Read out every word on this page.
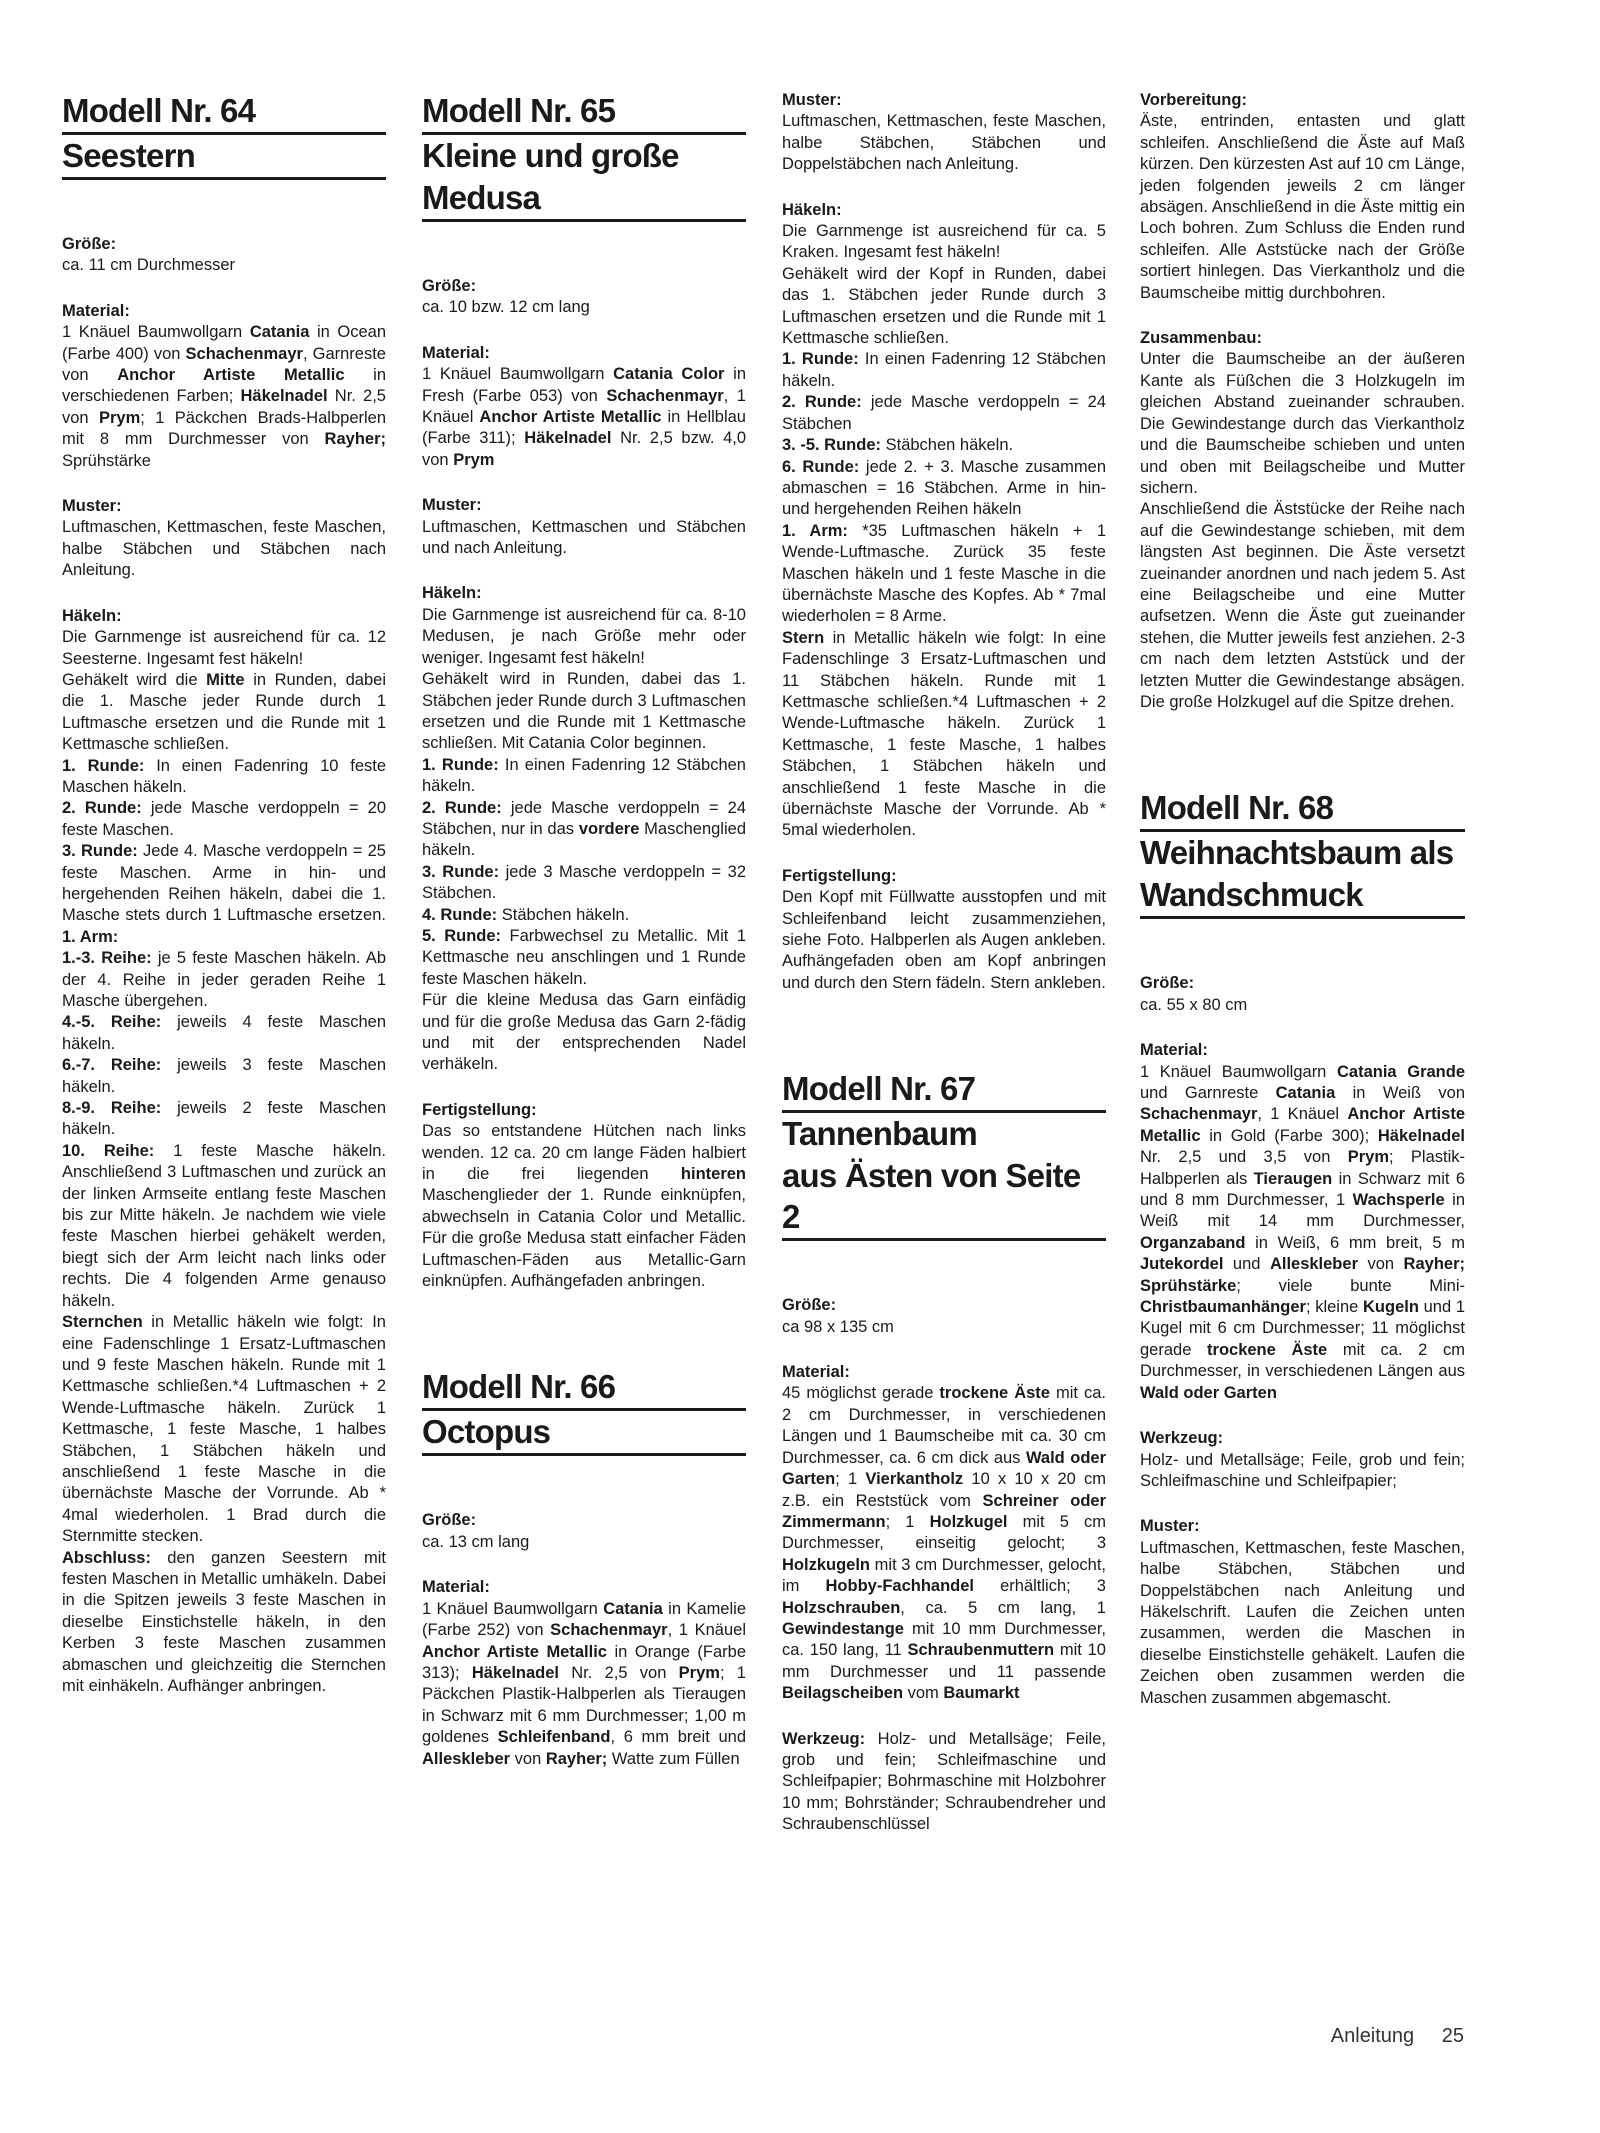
Modell Nr. 64
Seestern

Größe:

ca. 11 cm Durchmesser

Material:

1 Knäuel Baumwollgarn Catania in Ocean (Farbe 400) von Schachenmayr, Garnreste von Anchor Artiste Metallic in verschiedenen Farben; Häkelnadel Nr. 2,5 von Prym; 1 Päckchen Brads-Halbperlen mit 8 mm Durchmesser von Rayher; Sprühstärke

Muster:

Luftmaschen, Kettmaschen, feste Maschen, halbe Stäbchen und Stäbchen nach Anleitung.

Häkeln:

Die Garnmenge ist ausreichend für ca. 12 Seesterne. Ingesamt fest häkeln!
Gehäkelt wird die Mitte in Runden, dabei die 1. Masche jeder Runde durch 1 Luftmasche ersetzen und die Runde mit 1 Kettmasche schließen.
1. Runde: In einen Fadenring 10 feste Maschen häkeln.
2. Runde: jede Masche verdoppeln = 20 feste Maschen.
3. Runde: Jede 4. Masche verdoppeln = 25 feste Maschen. Arme in hin- und hergehenden Reihen häkeln, dabei die 1. Masche stets durch 1 Luftmasche ersetzen. 1. Arm:
1.-3. Reihe: je 5 feste Maschen häkeln. Ab der 4. Reihe in jeder geraden Reihe 1 Masche übergehen.
4.-5. Reihe: jeweils 4 feste Maschen häkeln.
6.-7. Reihe: jeweils 3 feste Maschen häkeln.
8.-9. Reihe: jeweils 2 feste Maschen häkeln.
10. Reihe: 1 feste Masche häkeln. Anschließend 3 Luftmaschen und zurück an der linken Armseite entlang feste Maschen bis zur Mitte häkeln. Je nachdem wie viele feste Maschen hierbei gehäkelt werden, biegt sich der Arm leicht nach links oder rechts. Die 4 folgenden Arme genauso häkeln.
Sternchen in Metallic häkeln wie folgt: In eine Fadenschlinge 1 Ersatz-Luftmaschen und 9 feste Maschen häkeln. Runde mit 1 Kettmasche schließen.*4 Luftmaschen + 2 Wende-Luftmasche häkeln. Zurück 1 Kettmasche, 1 feste Masche, 1 halbes Stäbchen, 1 Stäbchen häkeln und anschließend 1 feste Masche in die übernächste Masche der Vorrunde. Ab * 4mal wiederholen. 1 Brad durch die Sternmitte stecken.
Abschluss: den ganzen Seestern mit festen Maschen in Metallic umhäkeln. Dabei in die Spitzen jeweils 3 feste Maschen in dieselbe Einstichstelle häkeln, in den Kerben 3 feste Maschen zusammen abmaschen und gleichzeitig die Sternchen mit einhäkeln. Aufhänger anbringen.

Modell Nr. 65
Kleine und große
Medusa

Größe:

ca. 10 bzw. 12 cm lang

Material:

1 Knäuel Baumwollgarn Catania Color in Fresh (Farbe 053) von Schachenmayr, 1 Knäuel Anchor Artiste Metallic in Hellblau (Farbe 311); Häkelnadel Nr. 2,5 bzw. 4,0 von Prym

Muster:

Luftmaschen, Kettmaschen und Stäbchen und nach Anleitung.

Häkeln:

Die Garnmenge ist ausreichend für ca. 8-10 Medusen, je nach Größe mehr oder weniger. Ingesamt fest häkeln!
Gehäkelt wird in Runden, dabei das 1. Stäbchen jeder Runde durch 3 Luftmaschen ersetzen und die Runde mit 1 Kettmasche schließen. Mit Catania Color beginnen.
1. Runde: In einen Fadenring 12 Stäbchen häkeln.
2. Runde: jede Masche verdoppeln = 24 Stäbchen, nur in das vordere Maschenglied häkeln.
3. Runde: jede 3 Masche verdoppeln = 32 Stäbchen.
4. Runde: Stäbchen häkeln.
5. Runde: Farbwechsel zu Metallic. Mit 1 Kettmasche neu anschlingen und 1 Runde feste Maschen häkeln.
Für die kleine Medusa das Garn einfädig und für die große Medusa das Garn 2-fädig und mit der entsprechenden Nadel verhäkeln.

Fertigstellung:

Das so entstandene Hütchen nach links wenden. 12 ca. 20 cm lange Fäden halbiert in die frei liegenden hinteren Maschenglieder der 1. Runde einknüpfen, abwechseln in Catania Color und Metallic. Für die große Medusa statt einfacher Fäden Luftmaschen-Fäden aus Metallic-Garn einknüpfen. Aufhängefaden anbringen.

Modell Nr. 66
Octopus

Größe:

ca. 13 cm lang

Material:

1 Knäuel Baumwollgarn Catania in Kamelie (Farbe 252) von Schachenmayr, 1 Knäuel Anchor Artiste Metallic in Orange (Farbe 313); Häkelnadel Nr. 2,5 von Prym; 1 Päckchen Plastik-Halbperlen als Tieraugen in Schwarz mit 6 mm Durchmesser; 1,00 m goldenes Schleifenband, 6 mm breit und Alleskleber von Rayher; Watte zum Füllen

Muster:

Luftmaschen, Kettmaschen, feste Maschen, halbe Stäbchen, Stäbchen und Doppelstäbchen nach Anleitung.

Häkeln:

Die Garnmenge ist ausreichend für ca. 5 Kraken. Ingesamt fest häkeln!
Gehäkelt wird der Kopf in Runden, dabei das 1. Stäbchen jeder Runde durch 3 Luftmaschen ersetzen und die Runde mit 1 Kettmasche schließen.
1. Runde: In einen Fadenring 12 Stäbchen häkeln.
2. Runde: jede Masche verdoppeln = 24 Stäbchen
3. -5. Runde: Stäbchen häkeln.
6. Runde: jede 2. + 3. Masche zusammen abmaschen = 16 Stäbchen. Arme in hin- und hergehenden Reihen häkeln
1. Arm: *35 Luftmaschen häkeln + 1 Wende-Luftmasche. Zurück 35 feste Maschen häkeln und 1 feste Masche in die übernächste Masche des Kopfes. Ab * 7mal wiederholen = 8 Arme.
Stern in Metallic häkeln wie folgt: In eine Fadenschlinge 3 Ersatz-Luftmaschen und 11 Stäbchen häkeln. Runde mit 1 Kettmasche schließen.*4 Luftmaschen + 2 Wende-Luftmasche häkeln. Zurück 1 Kettmasche, 1 feste Masche, 1 halbes Stäbchen, 1 Stäbchen häkeln und anschließend 1 feste Masche in die übernächste Masche der Vorrunde. Ab * 5mal wiederholen.

Fertigstellung:

Den Kopf mit Füllwatte ausstopfen und mit Schleifenband leicht zusammenziehen, siehe Foto. Halbperlen als Augen ankleben. Aufhängefaden oben am Kopf anbringen und durch den Stern fädeln. Stern ankleben.

Modell Nr. 67
Tannenbaum
aus Ästen von Seite 2

Größe:

ca 98 x 135 cm

Material:

45 möglichst gerade trockene Äste mit ca. 2 cm Durchmesser, in verschiedenen Längen und 1 Baumscheibe mit ca. 30 cm Durchmesser, ca. 6 cm dick aus Wald oder Garten; 1 Vierkantholz 10 x 10 x 20 cm z.B. ein Reststück vom Schreiner oder Zimmermann; 1 Holzkugel mit 5 cm Durchmesser, einseitig gelocht; 3 Holzkugeln mit 3 cm Durchmesser, gelocht, im Hobby-Fachhandel erhältlich; 3 Holzschrauben, ca. 5 cm lang, 1 Gewindestange mit 10 mm Durchmesser, ca. 150 lang, 11 Schraubenmuttern mit 10 mm Durchmesser und 11 passende Beilagscheiben vom Baumarkt

Werkzeug: Holz- und Metallsäge; Feile, grob und fein; Schleifmaschine und Schleifpapier; Bohrmaschine mit Holzbohrer 10 mm; Bohrständer; Schraubendreher und Schraubenschlüssel

Vorbereitung:

Äste, entrinden, entasten und glatt schleifen. Anschließend die Äste auf Maß kürzen. Den kürzesten Ast auf 10 cm Länge, jeden folgenden jeweils 2 cm länger absägen. Anschließend in die Äste mittig ein Loch bohren. Zum Schluss die Enden rund schleifen. Alle Aststücke nach der Größe sortiert hinlegen. Das Vierkantholz und die Baumscheibe mittig durchbohren.

Zusammenbau:

Unter die Baumscheibe an der äußeren Kante als Füßchen die 3 Holzkugeln im gleichen Abstand zueinander schrauben. Die Gewindestange durch das Vierkantholz und die Baumscheibe schieben und unten und oben mit Beilagscheibe und Mutter sichern.
Anschließend die Äststücke der Reihe nach auf die Gewindestange schieben, mit dem längsten Ast beginnen. Die Äste versetzt zueinander anordnen und nach jedem 5. Ast eine Beilagscheibe und eine Mutter aufsetzen. Wenn die Äste gut zueinander stehen, die Mutter jeweils fest anziehen. 2-3 cm nach dem letzten Aststück und der letzten Mutter die Gewindestange absägen. Die große Holzkugel auf die Spitze drehen.

Modell Nr. 68
Weihnachtsbaum als
Wandschmuck

Größe:

ca. 55 x 80 cm

Material:

1 Knäuel Baumwollgarn Catania Grande und Garnreste Catania in Weiß von Schachenmayr, 1 Knäuel Anchor Artiste Metallic in Gold (Farbe 300); Häkelnadel Nr. 2,5 und 3,5 von Prym; Plastik-Halbperlen als Tieraugen in Schwarz mit 6 und 8 mm Durchmesser, 1 Wachsperle in Weiß mit 14 mm Durchmesser, Organzaband in Weiß, 6 mm breit, 5 m Jutekordel und Alleskleber von Rayher; Sprühstärke; viele bunte Mini-Christbaumanhänger; kleine Kugeln und 1 Kugel mit 6 cm Durchmesser; 11 möglichst gerade trockene Äste mit ca. 2 cm Durchmesser, in verschiedenen Längen aus Wald oder Garten

Werkzeug:

Holz- und Metallsäge; Feile, grob und fein; Schleifmaschine und Schleifpapier;

Muster:

Luftmaschen, Kettmaschen, feste Maschen, halbe Stäbchen, Stäbchen und Doppelstäbchen nach Anleitung und Häkelschrift. Laufen die Zeichen unten zusammen, werden die Maschen in dieselbe Einstichstelle gehäkelt. Laufen die Zeichen oben zusammen werden die Maschen zusammen abgemascht.

Anleitung 25
